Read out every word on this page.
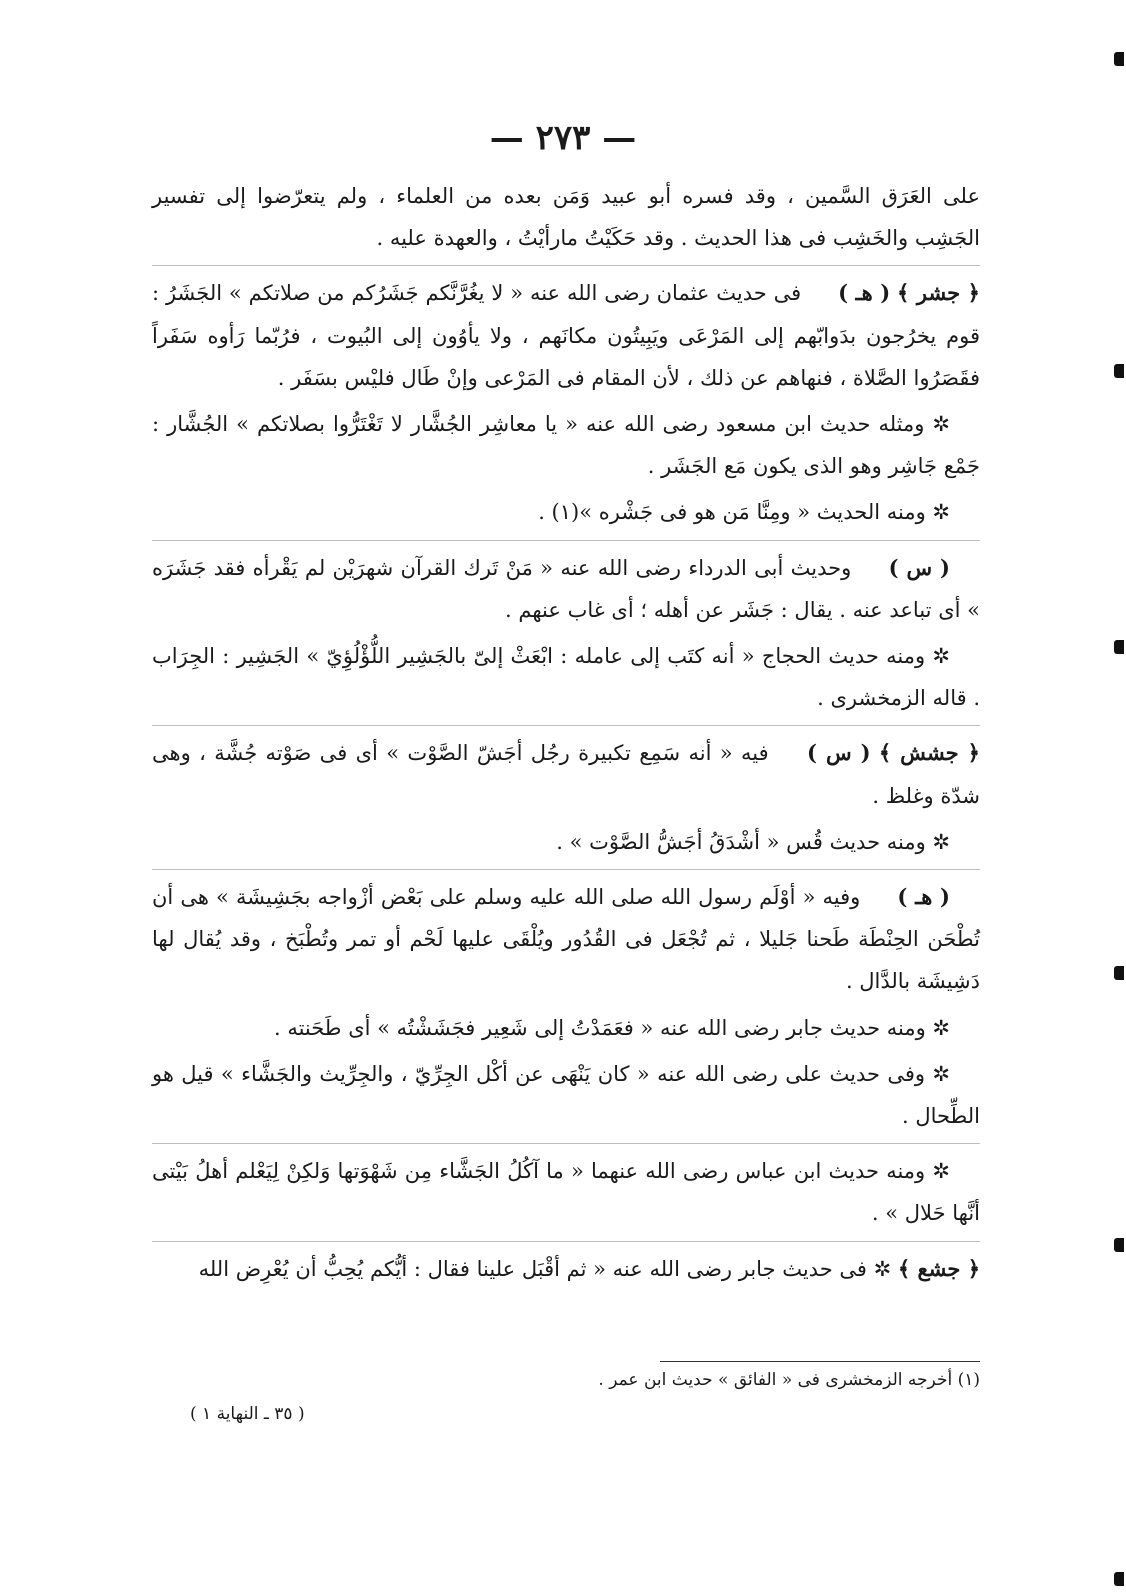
— ٢٧٣ —

على العَرَق السَّمين ، وقد فسره أبو عبيد وَمَن بعده من العلماء ، ولم يتعرّضوا إلى تفسير الجَشِب والخَشِب فى هذا الحديث . وقد حَكَيْتُ مارأيْتُ ، والعهدة عليه .

﴿ جشر ﴾ ( هـ ) فى حديث عثمان رضى الله عنه « لا يغُرَّنَّكم جَشَرُكم من صلاتكم » الجَشَرُ : قوم يخرُجون بدَوابّهم إلى المَرْعَى ويَبِيتُون مكانَهم ، ولا يأوُون إلى البُيوت ، فرُبّما رَأوه سَفَراً فقَصَرُوا الصَّلاة ، فنهاهم عن ذلك ، لأن المقام فى المَرْعى وإنْ طَال فليْس بسَفَر .

✲ ومثله حديث ابن مسعود رضى الله عنه « يا معاشِر الجُشَّار لا تَغْتَرُّوا بصلاتكم » الجُشَّار : جَمْع جَاشِر وهو الذى يكون مَع الجَشَر .

✲ ومنه الحديث « ومِنَّا مَن هو فى جَشْره »(١) .

( س ) وحديث أبى الدرداء رضى الله عنه « مَنْ تَرك القرآن شهرَيْن لم يَقْرأه فقد جَشَرَه » أى تباعد عنه . يقال : جَشَر عن أهله ؛ أى غاب عنهم .

✲ ومنه حديث الحجاج « أنه كتَب إلى عامله : ابْعَثْ إلىّ بالجَشِير اللُّؤْلُؤِيّ » الجَشِير : الجِرَاب . قاله الزمخشرى .

﴿ جشش ﴾ ( س ) فيه « أنه سَمِع تكبيرة رجُل أجَشّ الصَّوْت » أى فى صَوْته جُشَّة ، وهى شدّة وغلظ .

✲ ومنه حديث قُس « أشْدَقُ أجَشُّ الصَّوْت » .

( هـ ) وفيه « أوْلَم رسول الله صلى الله عليه وسلم على بَعْض أزْواجه بجَشِيشَة » هى أن تُطْحَن الحِنْطَة طَحنا جَليلا ، ثم تُجْعَل فى القُدُور ويُلْقَى عليها لَحْم أو تمر وتُطْبَخ ، وقد يُقال لها دَشِيشَة بالدَّال .

✲ ومنه حديث جابر رضى الله عنه « فعَمَدْتُ إلى شَعِير فجَشَشْتُه » أى طَحَنته .

✲ وفى حديث على رضى الله عنه « كان يَنْهَى عن أكْل الجِرِّيّ ، والجِرِّيث والجَشَّاء » قيل هو الطِّحال .

✲ ومنه حديث ابن عباس رضى الله عنهما « ما آكُلُ الجَشَّاء مِن شَهْوَتها وَلكِنْ لِيَعْلم أهلُ بَيْتى أنَّها حَلال » .

﴿ جشع ﴾ ✲ فى حديث جابر رضى الله عنه « ثم أقْبَل علينا فقال : أيُّكم يُحِبُّ أن يُعْرِض الله

(١) أخرجه الزمخشرى فى « الفائق » حديث ابن عمر .
( ٣٥ ـ النهاية ١ )
